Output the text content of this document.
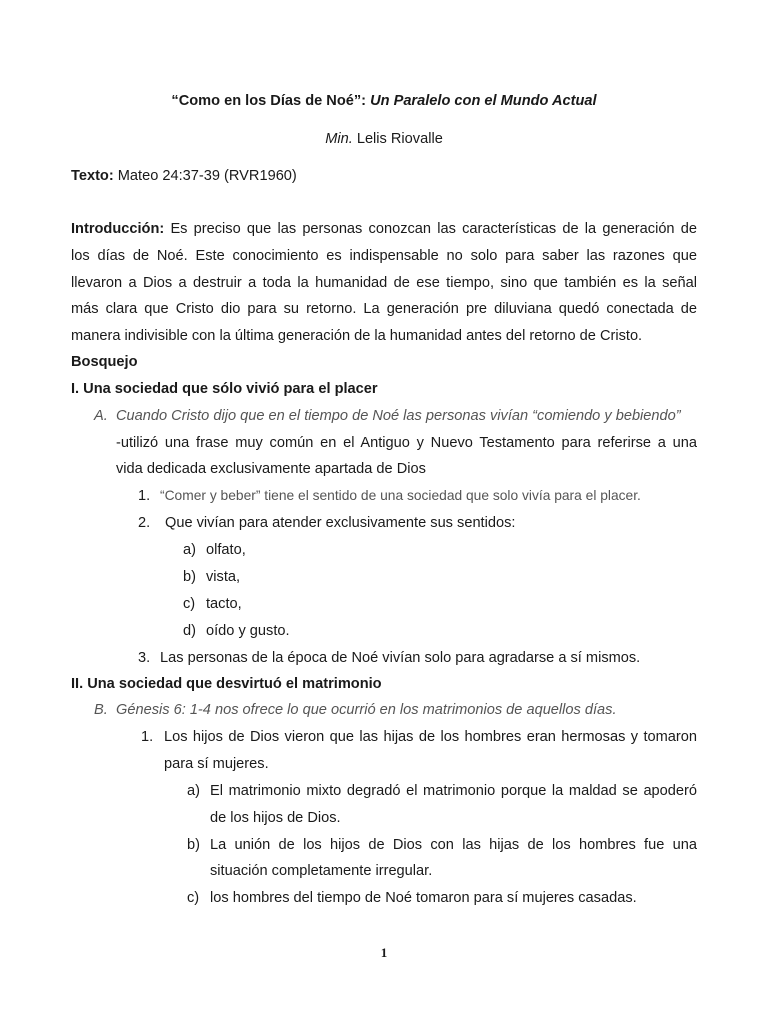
“Como en los Días de Noé”: Un Paralelo con el Mundo Actual
Min. Lelis Riovalle
Texto: Mateo 24:37-39 (RVR1960)
Introducción: Es preciso que las personas conozcan las características de la generación de
los días de Noé. Este conocimiento es indispensable no solo para saber las razones que
llevaron a Dios a destruir a toda la humanidad de ese tiempo, sino que también es la señal
más clara que Cristo dio para su retorno. La generación pre diluviana quedó conectada de
manera indivisible con la última generación de la humanidad antes del retorno de Cristo.
Bosquejo
I. Una sociedad que sólo vivió para el placer
A. Cuando Cristo dijo que en el tiempo de Noé las personas vivían “comiendo y bebiendo”
-utilizó una frase muy común en el Antiguo y Nuevo Testamento para referirse a una
vida dedicada exclusivamente apartada de Dios
1. “Comer y beber” tiene el sentido de una sociedad que solo vivía para el placer.
2. Que vivían para atender exclusivamente sus sentidos:
a) olfato,
b) vista,
c) tacto,
d) oído y gusto.
3. Las personas de la época de Noé vivían solo para agradarse a sí mismos.
II. Una sociedad que desvirtuó el matrimonio
B. Génesis 6: 1-4 nos ofrece lo que ocurrió en los matrimonios de aquellos días.
1. Los hijos de Dios vieron que las hijas de los hombres eran hermosas y tomaron
para sí mujeres.
a) El matrimonio mixto degradó el matrimonio porque la maldad se apoderó
de los hijos de Dios.
b) La unión de los hijos de Dios con las hijas de los hombres fue una
situación completamente irregular.
c) los hombres del tiempo de Noé tomaron para sí mujeres casadas.
1
